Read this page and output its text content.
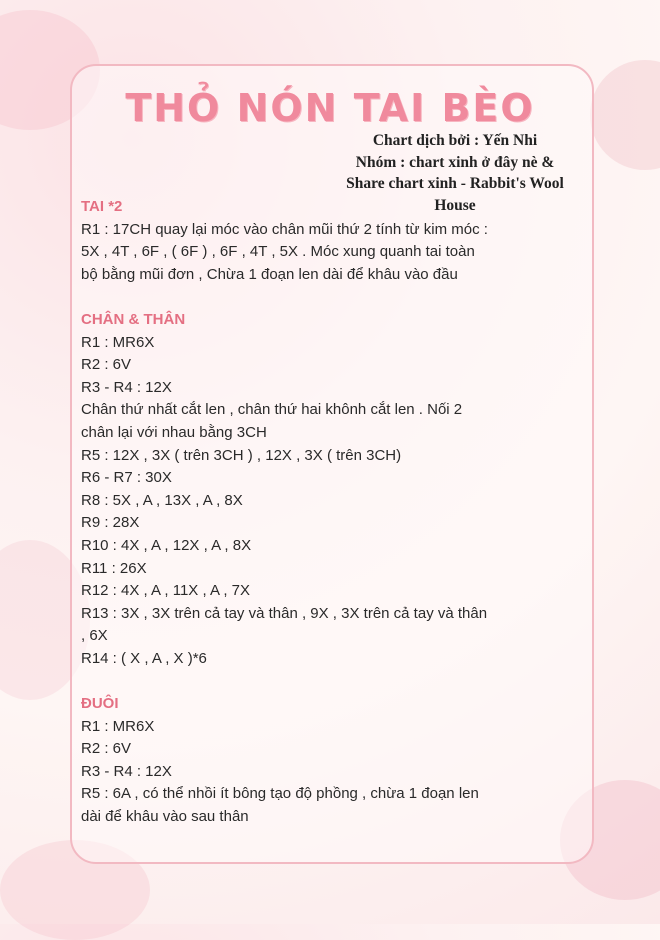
THỎ NÓN TAI BÈO
Chart dịch bởi : Yến Nhi
Nhóm : chart xinh ở đây nè &
Share chart xinh - Rabbit's Wool
House
TAI *2
R1 : 17CH quay lại móc vào chân mũi thứ 2 tính từ kim móc :
5X , 4T , 6F , ( 6F ) , 6F , 4T , 5X . Móc xung quanh tai toàn
bộ bằng mũi đơn , Chừa 1 đoạn len dài để khâu vào đầu
CHÂN & THÂN
R1 : MR6X
R2 : 6V
R3 - R4 : 12X
Chân thứ nhất cắt len , chân thứ hai khônh cắt len . Nối 2
chân lại với nhau bằng 3CH
R5 : 12X , 3X ( trên 3CH ) , 12X , 3X ( trên 3CH)
R6 - R7 : 30X
R8 : 5X , A , 13X , A , 8X
R9 : 28X
R10 : 4X , A , 12X , A , 8X
R11 : 26X
R12 : 4X , A , 11X , A , 7X
R13 : 3X , 3X trên cả tay và thân , 9X , 3X trên cả tay và thân
, 6X
R14 : ( X , A , X )*6
ĐUÔI
R1 : MR6X
R2 : 6V
R3 - R4 : 12X
R5 : 6A , có thể nhồi ít bông tạo độ phồng , chừa 1 đoạn len
dài để khâu vào sau thân
